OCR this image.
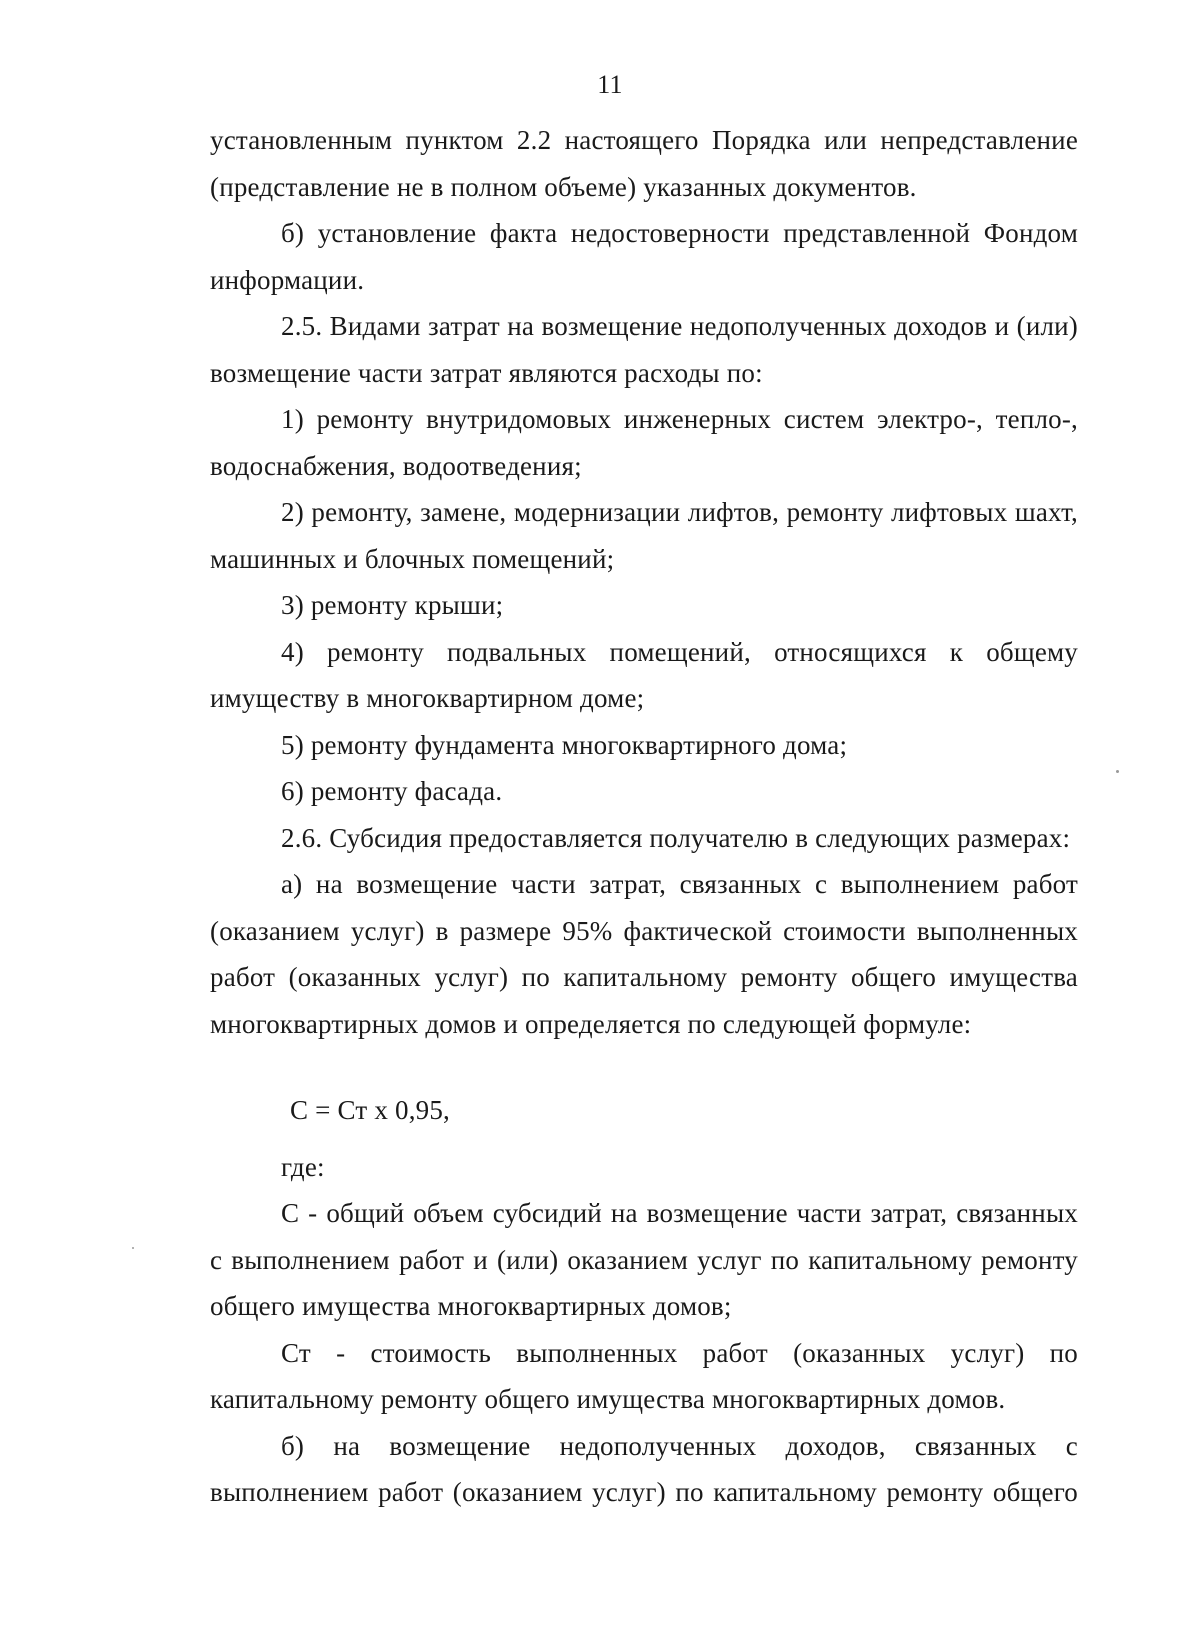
11

установленным пунктом 2.2 настоящего Порядка или непредставление (представление не в полном объеме) указанных документов.

б) установление факта недостоверности представленной Фондом информации.

2.5. Видами затрат на возмещение недополученных доходов и (или) возмещение части затрат являются расходы по:

1) ремонту внутридомовых инженерных систем электро-, тепло-, водоснабжения, водоотведения;

2) ремонту, замене, модернизации лифтов, ремонту лифтовых шахт, машинных и блочных помещений;

3) ремонту крыши;

4) ремонту подвальных помещений, относящихся к общему имуществу в многоквартирном доме;

5) ремонту фундамента многоквартирного дома;

6) ремонту фасада.

2.6. Субсидия предоставляется получателю в следующих размерах:

а) на возмещение части затрат, связанных с выполнением работ (оказанием услуг) в размере 95% фактической стоимости выполненных работ (оказанных услуг) по капитальному ремонту общего имущества многоквартирных домов и определяется по следующей формуле:

С = Ст х 0,95,

где:

С - общий объем субсидий на возмещение части затрат, связанных с выполнением работ и (или) оказанием услуг по капитальному ремонту общего имущества многоквартирных домов;

Ст - стоимость выполненных работ (оказанных услуг) по капитальному ремонту общего имущества многоквартирных домов.

б) на возмещение недополученных доходов, связанных с выполнением работ (оказанием услуг) по капитальному ремонту общего
